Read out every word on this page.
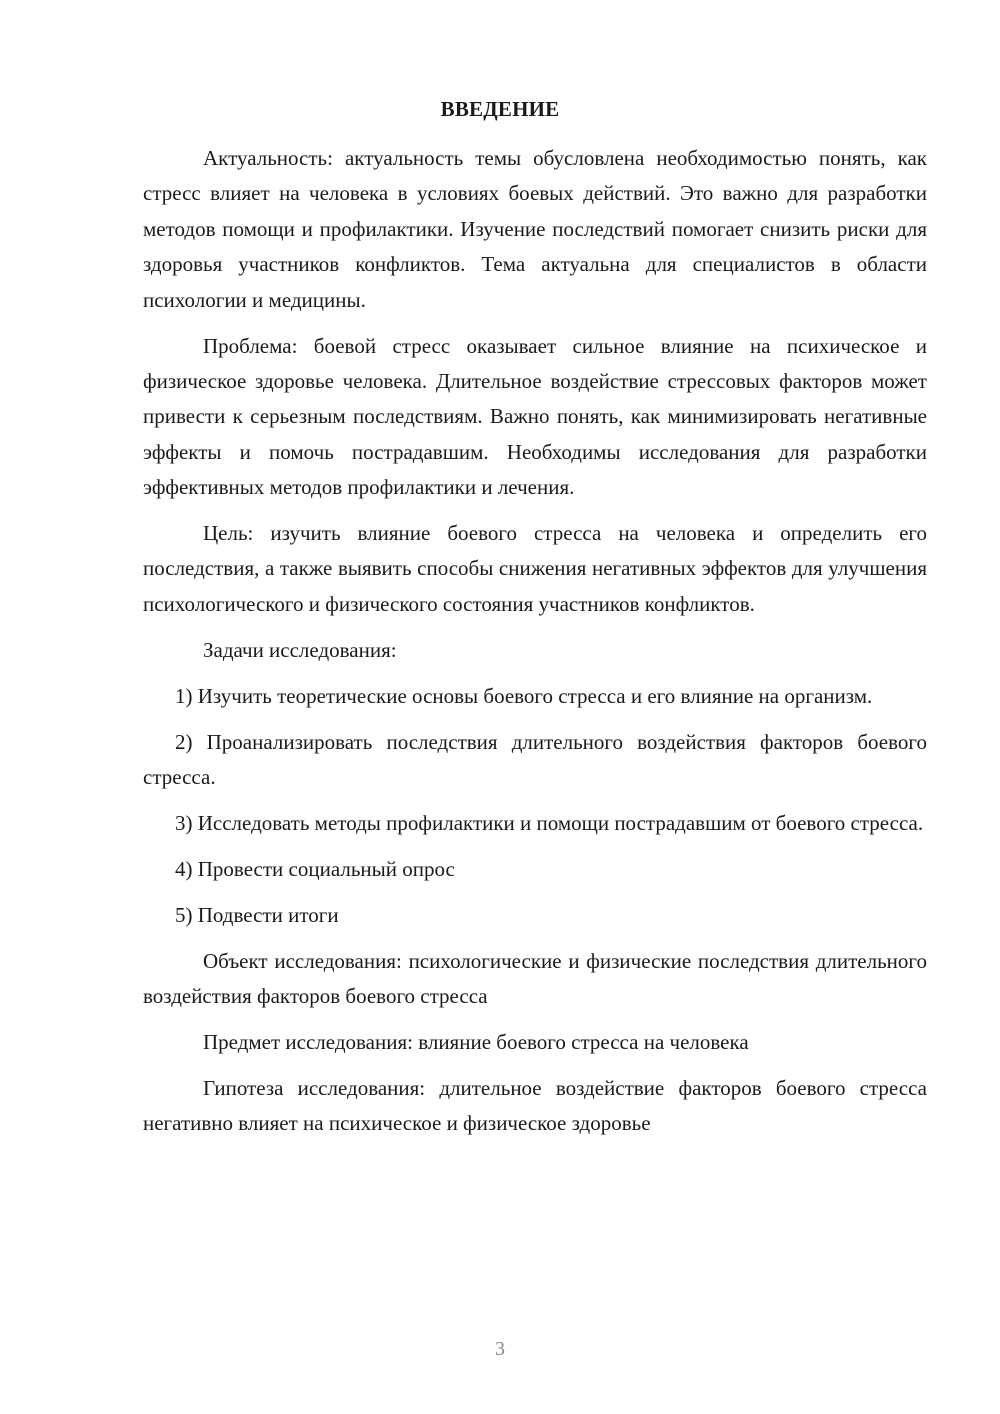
ВВЕДЕНИЕ

Актуальность: актуальность темы обусловлена необходимостью понять, как стресс влияет на человека в условиях боевых действий. Это важно для разработки методов помощи и профилактики. Изучение последствий помогает снизить риски для здоровья участников конфликтов. Тема актуальна для специалистов в области психологии и медицины.

Проблема: боевой стресс оказывает сильное влияние на психическое и физическое здоровье человека. Длительное воздействие стрессовых факторов может привести к серьезным последствиям. Важно понять, как минимизировать негативные эффекты и помочь пострадавшим. Необходимы исследования для разработки эффективных методов профилактики и лечения.

Цель: изучить влияние боевого стресса на человека и определить его последствия, а также выявить способы снижения негативных эффектов для улучшения психологического и физического состояния участников конфликтов.

Задачи исследования:

1) Изучить теоретические основы боевого стресса и его влияние на организм.

2) Проанализировать последствия длительного воздействия факторов боевого стресса.

3) Исследовать методы профилактики и помощи пострадавшим от боевого стресса.

4) Провести социальный опрос

5) Подвести итоги

Объект исследования: психологические и физические последствия длительного воздействия факторов боевого стресса

Предмет исследования: влияние боевого стресса на человека

Гипотеза исследования: длительное воздействие факторов боевого стресса негативно влияет на психическое и физическое здоровье

3
